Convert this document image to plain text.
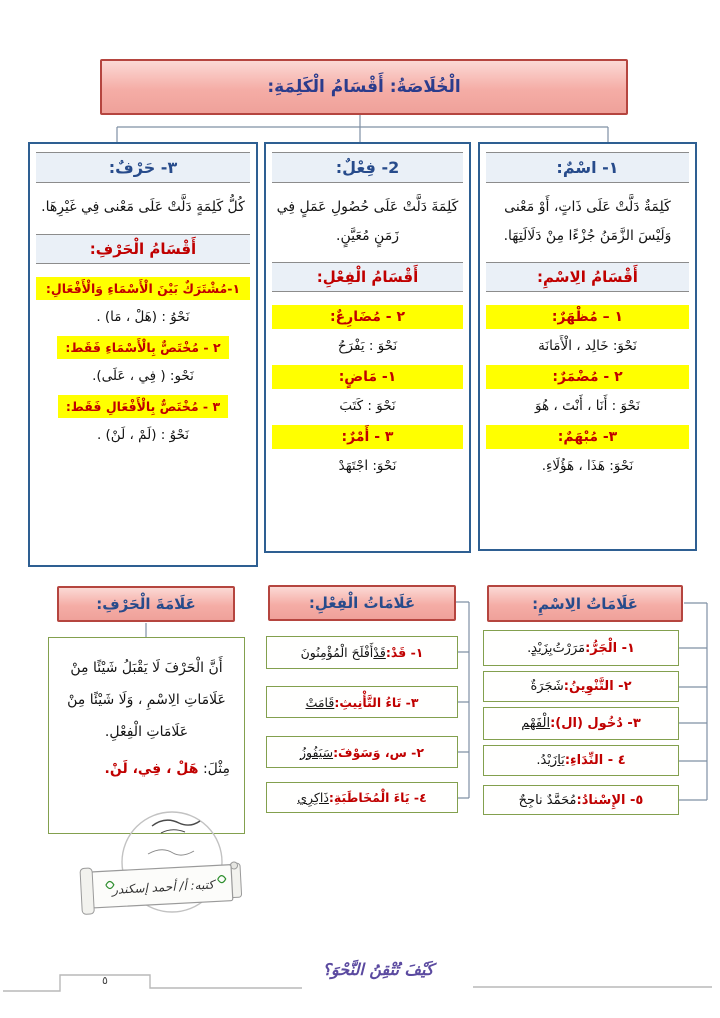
الْخُلَاصَةُ: أَقْسَامُ الْكَلِمَةِ:
١- اسْمٌ:
كَلِمَةٌ دَلَّتْ عَلَى ذَاتٍ، أَوْ مَعْنى وَلَيْسَ الزَّمَنُ جُزْءًا مِنْ دَلَالَتِهَا.
أَقْسَامُ الِاسْمِ:
١ – مُظْهَرٌ:
نَحْوَ: خَالِد ، الْأَمَانَة
٢ - مُضْمَرٌ:
نَحْوَ : أَنَا ، أَنْتَ ، هُوَ
٣- مُبْهَمٌ:
نَحْوَ: هَذَا ، هَؤُلَاءِ.
2- فِعْلٌ:
كَلِمَةَ دَلَّتْ عَلَى حُصُولِ عَمَلٍ فِي زَمَنٍ مُعَيَّنٍ.
أَقْسَامُ الْفِعْلِ:
٢ - مُضَارِعٌ:
نَحْوَ : يَفْرَحُ
١- مَاضٍ:
نَحْوَ : كَتَبَ
٣ - أَمْرٌ:
نَحْوَ: اجْتَهَدْ
٣- حَرْفٌ:
كُلُّ كَلِمَةٍ دَلَّتْ عَلَى مَعْنى فِي غَيْرِهَا.
أَقْسَامُ الْحَرْفِ:
١-مُشْتَرَكٌ بَيْنَ الْأَسْمَاءِ وَالْأَفْعَالِ:
نَحْوُ : (هَلْ ، مَا) .
٢ - مُخْتَصٌّ بِالْأَسْمَاءِ فَقَط:
نَحْو: ( فِي ، عَلَى).
٣ - مُخْتَصٌّ بِالْأَفْعَالِ فَقَط:
نَحْوُ : (لَمْ ، لَنْ) .
عَلَامَاتُ الِاسْمِ:
١- الْجَرُّ:
مَرَرْتُ
بِزَيْدٍ
.
٢- التَّنْوِينُ:
شَجَرَةٌ
٣- دُخُول (ال):
الْفَهْم
٤ - النِّدَاءِ:
يَا
زَيْدُ.
٥- الإِسْنادُ:
مُحَمَّدٌ ناجِحٌ
عَلَامَاتُ الْفِعْلِ:
١- قَدْ:
قَدْ
أَفْلَحَ الْمُؤْمِنُونَ
٣- تَاءُ التَّأْنِيثِ:
قَامَتْ
٢- س، وَسَوْفَ:
سَيَفُوزُ
٤- يَاءَ الْمُخَاطَبَةِ:
ذَاكِرِي
عَلَامَةَ الْحَرْفِ:
أَنَّ الْحَرْفَ لَا يَقْبَلُ شَيْئًا مِنْ عَلَامَاتِ الِاسْمِ ، وَلَا شَيْئًا مِنْ عَلَامَاتِ الْفِعْلِ.
مِثْلَ: هَلْ ، فِي، لَنْ.
كتبه: أ/ أحمد إسكندر
كَيْفَ تُتْقِنُ النَّحْوَ؟
٥
